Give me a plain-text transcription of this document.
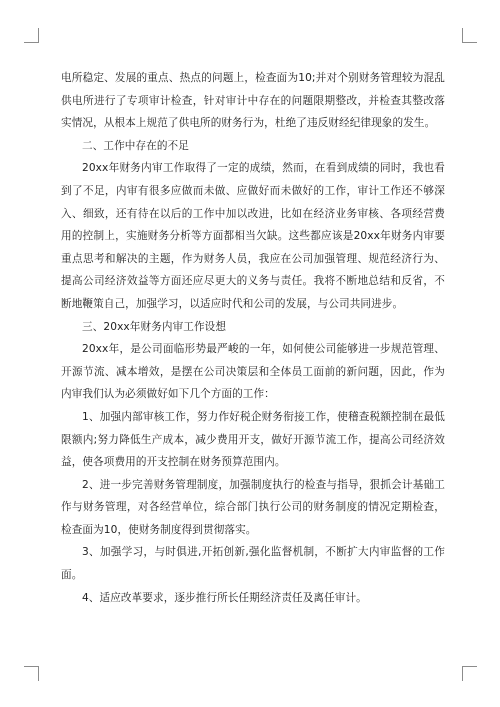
电所稳定、发展的重点、热点的问题上，检查面为10;并对个别财务管理较为混乱供电所进行了专项审计检查，针对审计中存在的问题限期整改，并检查其整改落实情况，从根本上规范了供电所的财务行为，杜绝了违反财经纪律现象的发生。

二、工作中存在的不足

20xx年财务内审工作取得了一定的成绩，然而，在看到成绩的同时，我也看到了不足，内审有很多应做而未做、应做好而未做好的工作，审计工作还不够深入、细致，还有待在以后的工作中加以改进，比如在经济业务审核、各项经营费用的控制上，实施财务分析等方面都相当欠缺。这些都应该是20xx年财务内审要重点思考和解决的主题，作为财务人员，我应在公司加强管理、规范经济行为、提高公司经济效益等方面还应尽更大的义务与责任。我将不断地总结和反省，不断地鞭策自己，加强学习，以适应时代和公司的发展，与公司共同进步。

三、20xx年财务内审工作设想

20xx年，是公司面临形势最严峻的一年，如何使公司能够进一步规范管理、开源节流、减本增效，是摆在公司决策层和全体员工面前的新问题，因此，作为内审我们认为必须做好如下几个方面的工作：

1、加强内部审核工作，努力作好税企财务衔接工作，使稽查税额控制在最低限额内;努力降低生产成本，减少费用开支，做好开源节流工作，提高公司经济效益，使各项费用的开支控制在财务预算范围内。

2、进一步完善财务管理制度，加强制度执行的检查与指导，狠抓会计基础工作与财务管理，对各经营单位，综合部门执行公司的财务制度的情况定期检查，检查面为10，使财务制度得到贯彻落实。

3、加强学习，与时俱进,开拓创新,强化监督机制，不断扩大内审监督的工作面。

4、适应改革要求，逐步推行所长任期经济责任及离任审计。
